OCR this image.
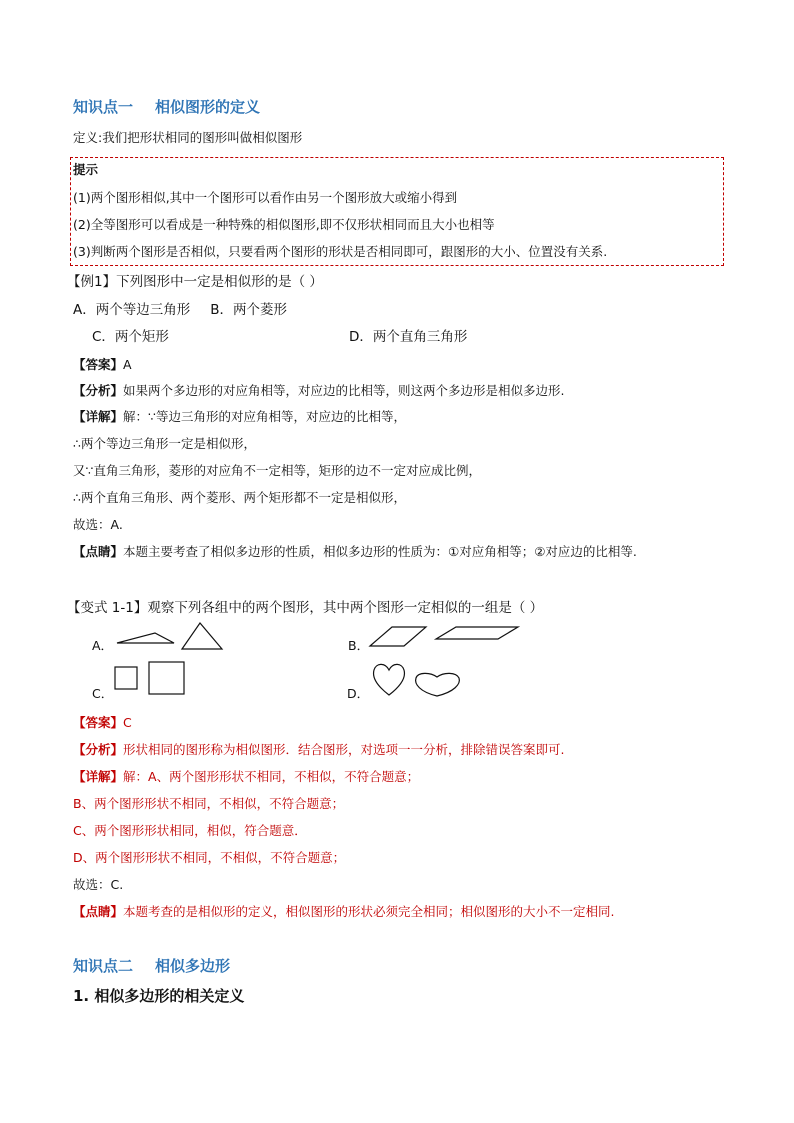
知识点一 相似图形的定义
定义:我们把形状相同的图形叫做相似图形
提示
(1)两个图形相似,其中一个图形可以看作由另一个图形放大或缩小得到
(2)全等图形可以看成是一种特殊的相似图形,即不仅形状相同而且大小也相等
(3)判断两个图形是否相似，只要看两个图形的形状是否相同即可，跟图形的大小、位置没有关系.
【例1】下列图形中一定是相似形的是（ ）
A．两个等边三角形 B．两个菱形
C．两个矩形	D．两个直角三角形
【答案】A
【分析】如果两个多边形的对应角相等，对应边的比相等，则这两个多边形是相似多边形.
【详解】解：∵等边三角形的对应角相等，对应边的比相等，
∴两个等边三角形一定是相似形，
又∵直角三角形，菱形的对应角不一定相等，矩形的边不一定对应成比例，
∴两个直角三角形、两个菱形、两个矩形都不一定是相似形，
故选：A.
【点睛】本题主要考查了相似多边形的性质，相似多边形的性质为：①对应角相等；②对应边的比相等.
【变式 1-1】观察下列各组中的两个图形，其中两个图形一定相似的一组是（ ）
A．	B．
C．	D．
【答案】C
【分析】形状相同的图形称为相似图形．结合图形，对选项一一分析，排除错误答案即可.
【详解】解：A、两个图形形状不相同，不相似，不符合题意；
B、两个图形形状不相同，不相似，不符合题意；
C、两个图形形状相同，相似，符合题意．
D、两个图形形状不相同，不相似，不符合题意；
故选：C.
【点睛】本题考查的是相似形的定义，相似图形的形状必须完全相同；相似图形的大小不一定相同.
知识点二 相似多边形
1. 相似多边形的相关定义
